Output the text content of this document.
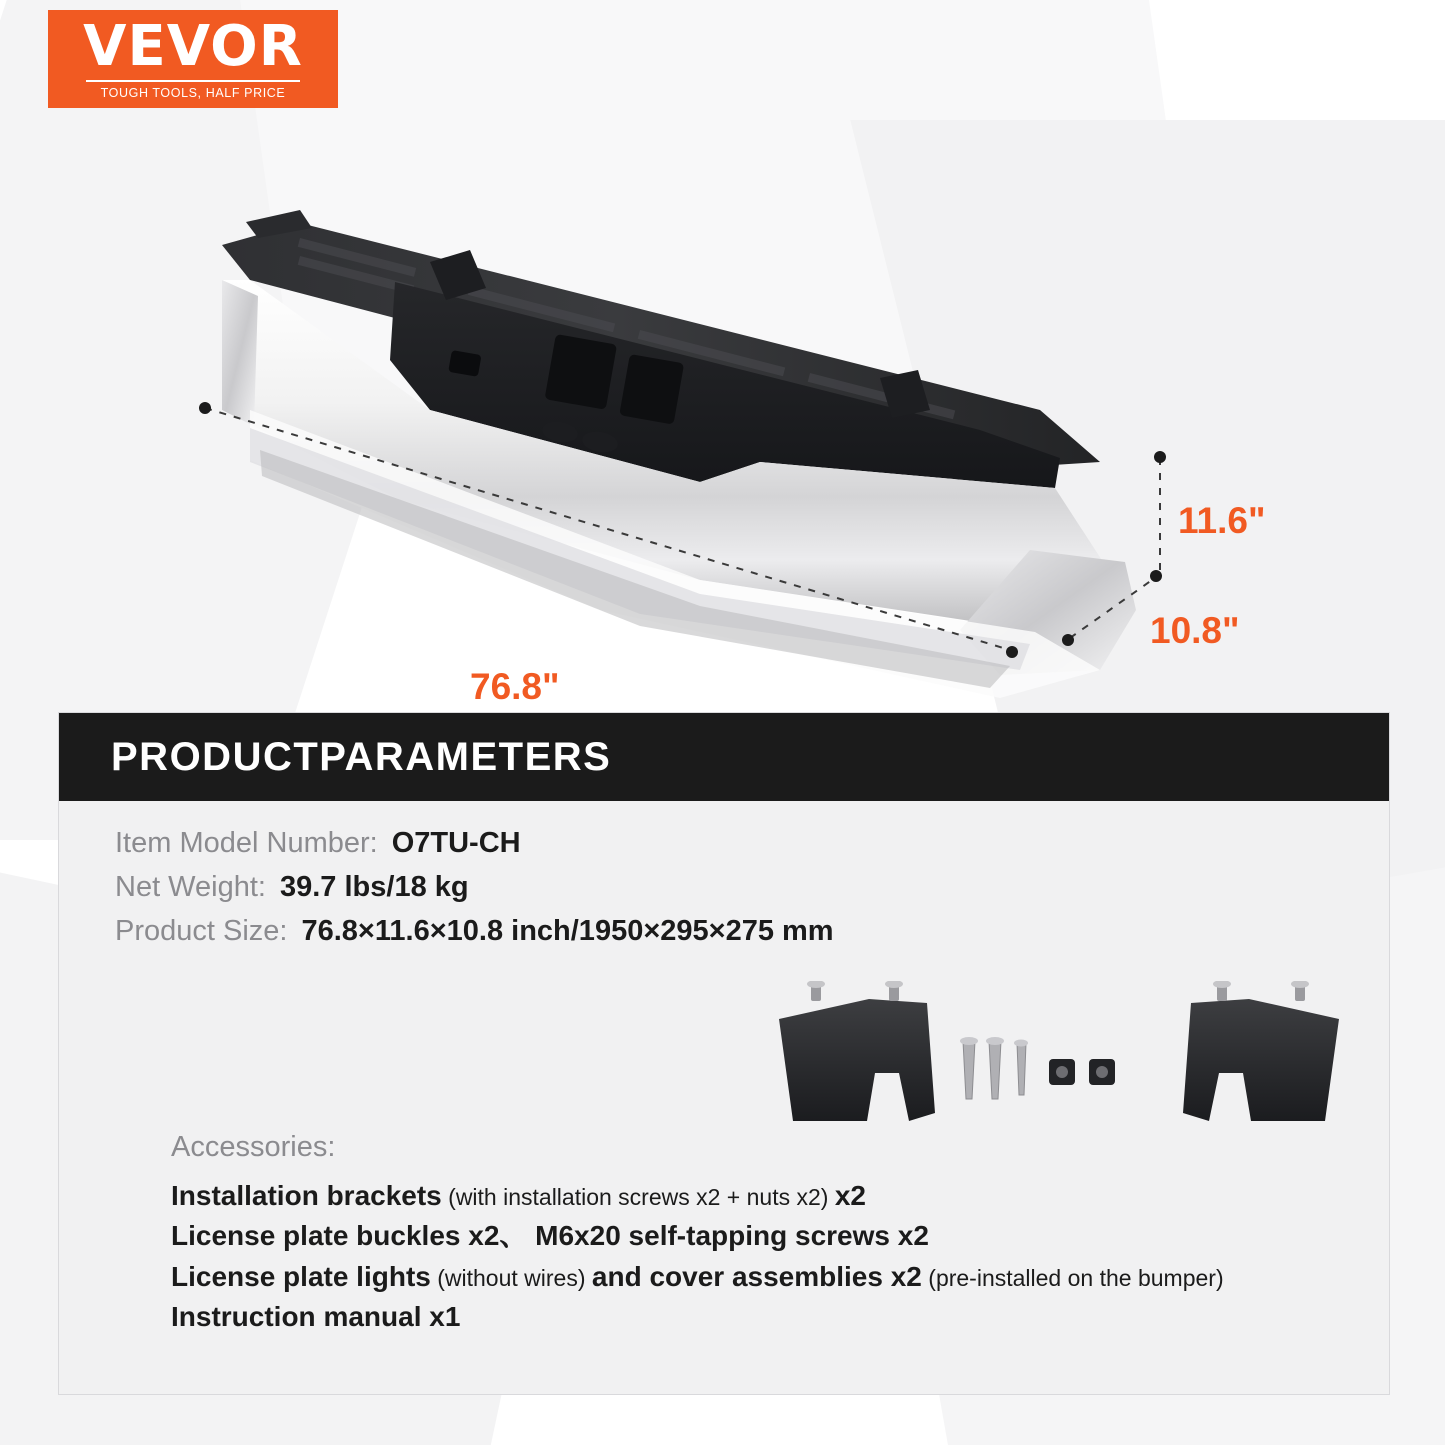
VEVOR
TOUGH TOOLS, HALF PRICE
76.8"
11.6"
10.8"
PRODUCTPARAMETERS
Item Model Number: O7TU-CH
Net Weight: 39.7 lbs/18 kg
Product Size: 76.8×11.6×10.8 inch/1950×295×275 mm
Accessories:
Installation brackets (with installation screws x2 + nuts x2) x2
License plate buckles x2、 M6x20 self-tapping screws x2
License plate lights (without wires) and cover assemblies x2 (pre-installed on the bumper)
Instruction manual x1
